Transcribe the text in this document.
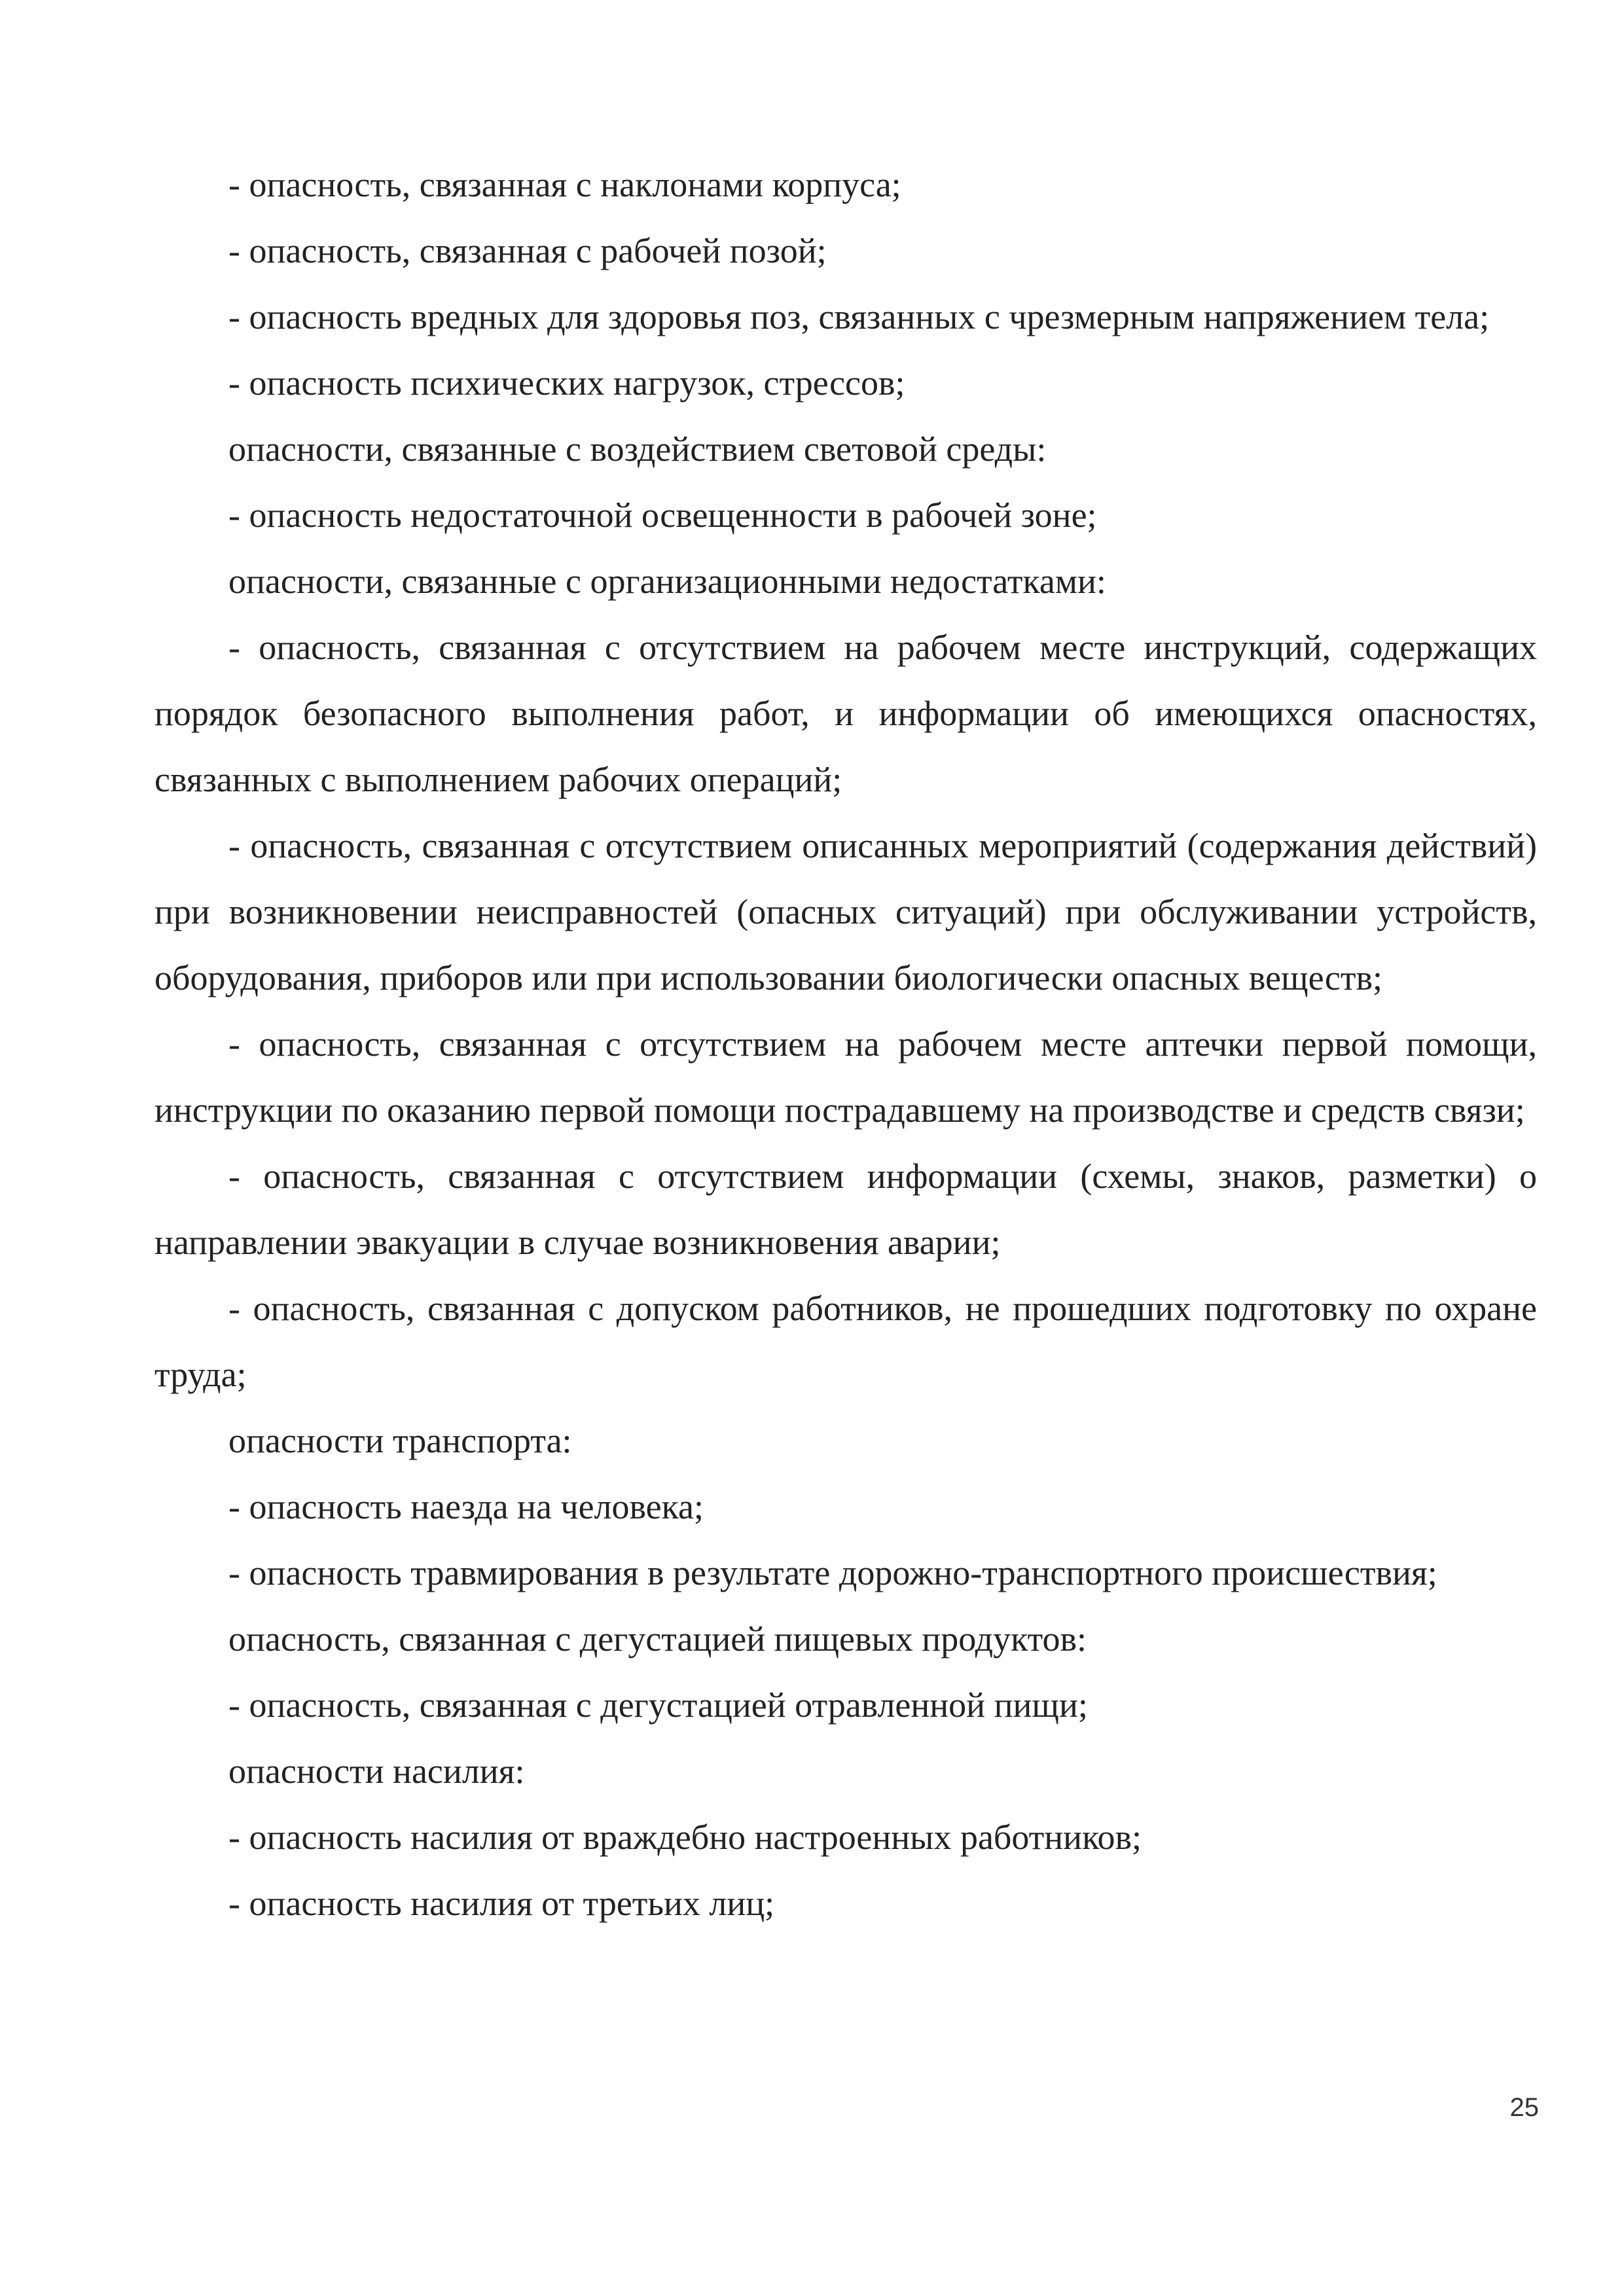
- опасность, связанная с наклонами корпуса;

- опасность, связанная с рабочей позой;

- опасность вредных для здоровья поз, связанных с чрезмерным напряжением тела;

- опасность психических нагрузок, стрессов;

опасности, связанные с воздействием световой среды:

- опасность недостаточной освещенности в рабочей зоне;

опасности, связанные с организационными недостатками:

- опасность, связанная с отсутствием на рабочем месте инструкций, содержащих порядок безопасного выполнения работ, и информации об имеющихся опасностях, связанных с выполнением рабочих операций;

- опасность, связанная с отсутствием описанных мероприятий (содержания действий) при возникновении неисправностей (опасных ситуаций) при обслуживании устройств, оборудования, приборов или при использовании биологически опасных веществ;

- опасность, связанная с отсутствием на рабочем месте аптечки первой помощи, инструкции по оказанию первой помощи пострадавшему на производстве и средств связи;

- опасность, связанная с отсутствием информации (схемы, знаков, разметки) о направлении эвакуации в случае возникновения аварии;

- опасность, связанная с допуском работников, не прошедших подготовку по охране труда;

опасности транспорта:

- опасность наезда на человека;

- опасность травмирования в результате дорожно-транспортного происшествия;

опасность, связанная с дегустацией пищевых продуктов:

- опасность, связанная с дегустацией отравленной пищи;

опасности насилия:

- опасность насилия от враждебно настроенных работников;

- опасность насилия от третьих лиц;

25
